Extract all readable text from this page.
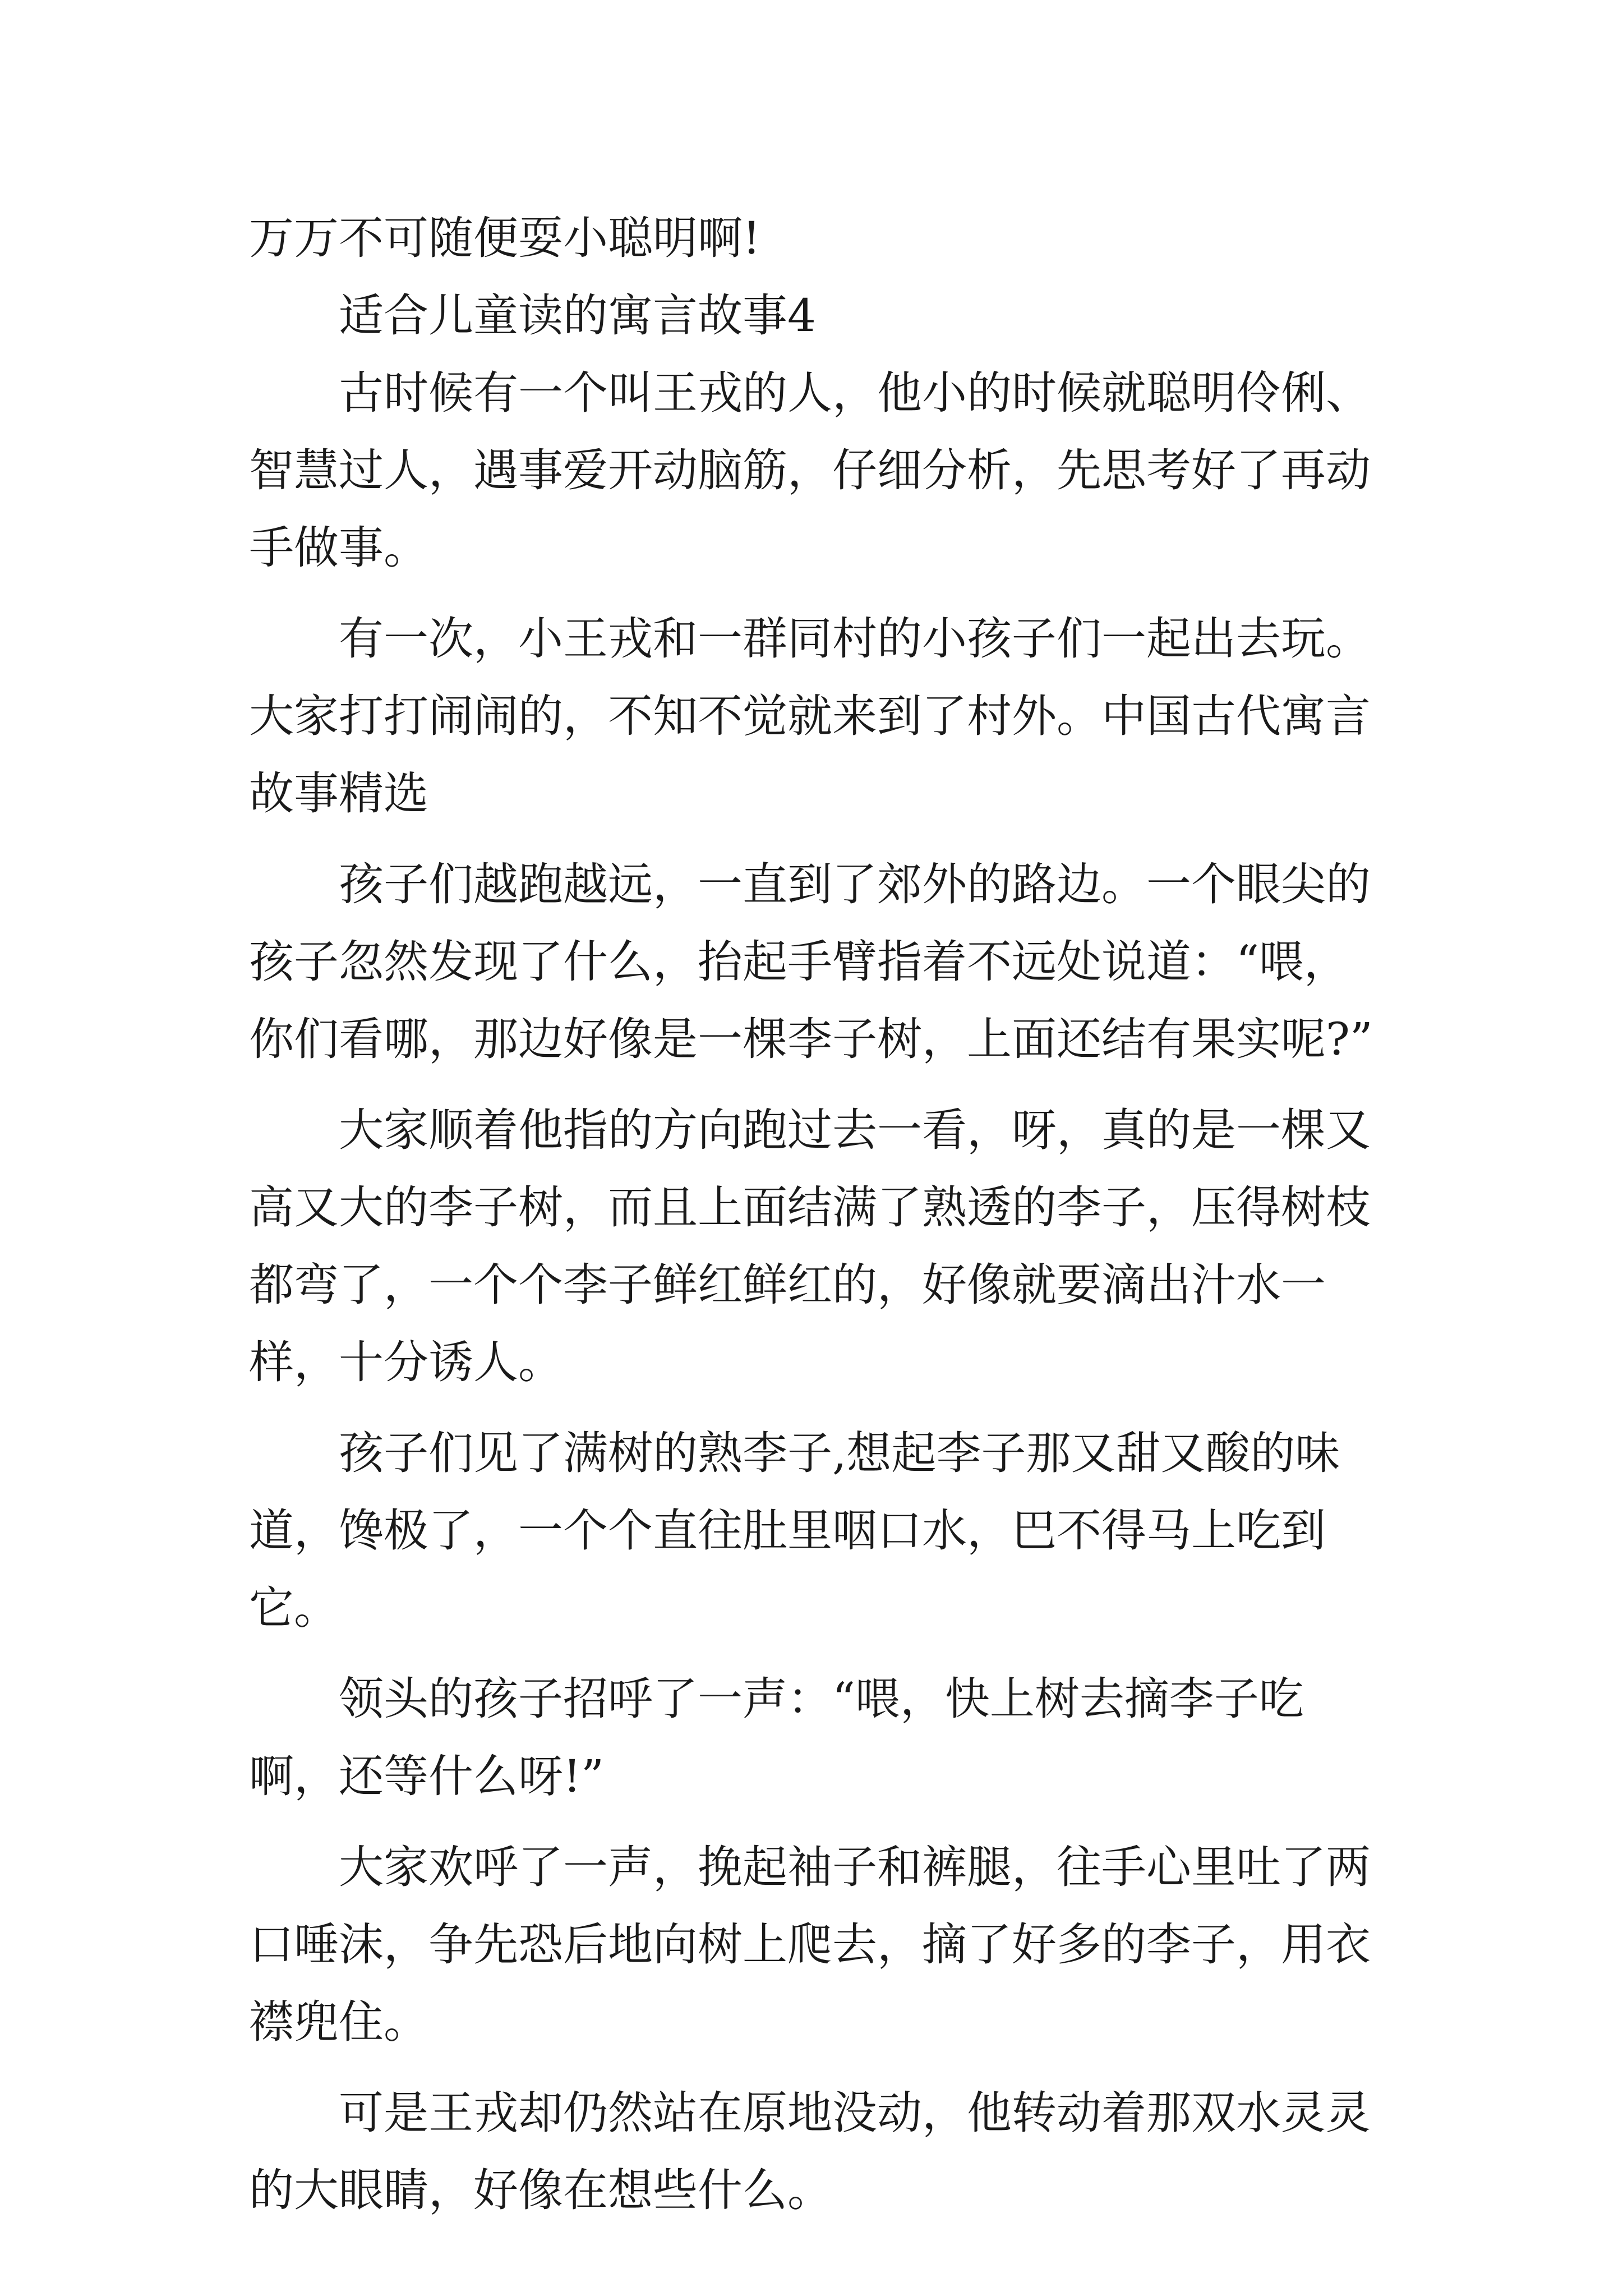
万万不可随便耍小聪明啊!

适合儿童读的寓言故事4

古时候有一个叫王戎的人，他小的时候就聪明伶俐、智慧过人，遇事爱开动脑筋，仔细分析，先思考好了再动手做事。

有一次，小王戎和一群同村的小孩子们一起出去玩。大家打打闹闹的，不知不觉就来到了村外。中国古代寓言故事精选

孩子们越跑越远，一直到了郊外的路边。一个眼尖的孩子忽然发现了什么，抬起手臂指着不远处说道：“喂，你们看哪，那边好像是一棵李子树，上面还结有果实呢?”

大家顺着他指的方向跑过去一看，呀，真的是一棵又高又大的李子树，而且上面结满了熟透的李子，压得树枝都弯了，一个个李子鲜红鲜红的，好像就要滴出汁水一样，十分诱人。

孩子们见了满树的熟李子,想起李子那又甜又酸的味道，馋极了，一个个直往肚里咽口水，巴不得马上吃到它。

领头的孩子招呼了一声：“喂，快上树去摘李子吃啊，还等什么呀!”

大家欢呼了一声，挽起袖子和裤腿，往手心里吐了两口唾沫，争先恐后地向树上爬去，摘了好多的李子，用衣襟兜住。

可是王戎却仍然站在原地没动，他转动着那双水灵灵的大眼睛，好像在想些什么。
